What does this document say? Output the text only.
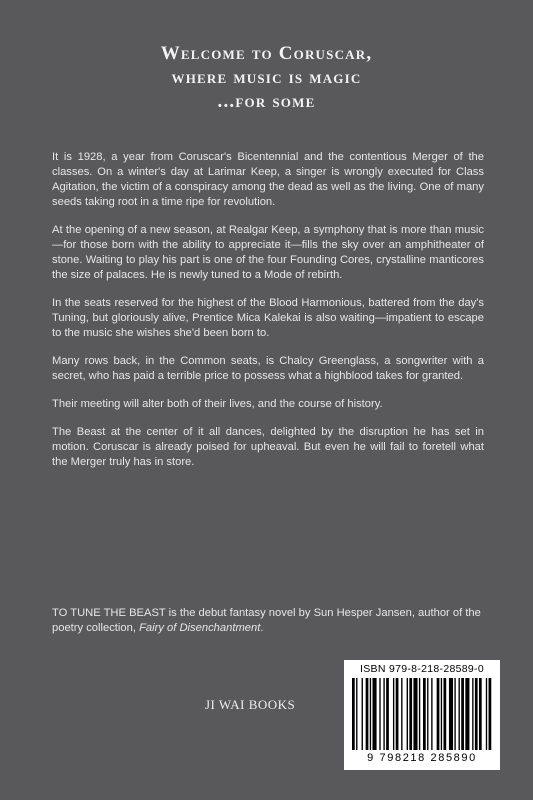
Welcome to Coruscar,
where music is magic
...for some

It is 1928, a year from Coruscar's Bicentennial and the contentious Merger of the classes. On a winter's day at Larimar Keep, a singer is wrongly executed for Class Agitation, the victim of a conspiracy among the dead as well as the living. One of many seeds taking root in a time ripe for revolution.

At the opening of a new season, at Realgar Keep, a symphony that is more than music—for those born with the ability to appreciate it—fills the sky over an amphitheater of stone. Waiting to play his part is one of the four Founding Cores, crystalline manticores the size of palaces. He is newly tuned to a Mode of rebirth.

In the seats reserved for the highest of the Blood Harmonious, battered from the day's Tuning, but gloriously alive, Prentice Mica Kalekai is also waiting—impatient to escape to the music she wishes she'd been born to.

Many rows back, in the Common seats, is Chalcy Greenglass, a songwriter with a secret, who has paid a terrible price to possess what a highblood takes for granted.

Their meeting will alter both of their lives, and the course of history.

The Beast at the center of it all dances, delighted by the disruption he has set in motion. Coruscar is already poised for upheaval. But even he will fail to foretell what the Merger truly has in store.

TO TUNE THE BEAST is the debut fantasy novel by Sun Hesper Jansen, author of the poetry collection, Fairy of Disenchantment.
JI WAI BOOKS
ISBN 979-8-218-28589-0
9 798218 285890
